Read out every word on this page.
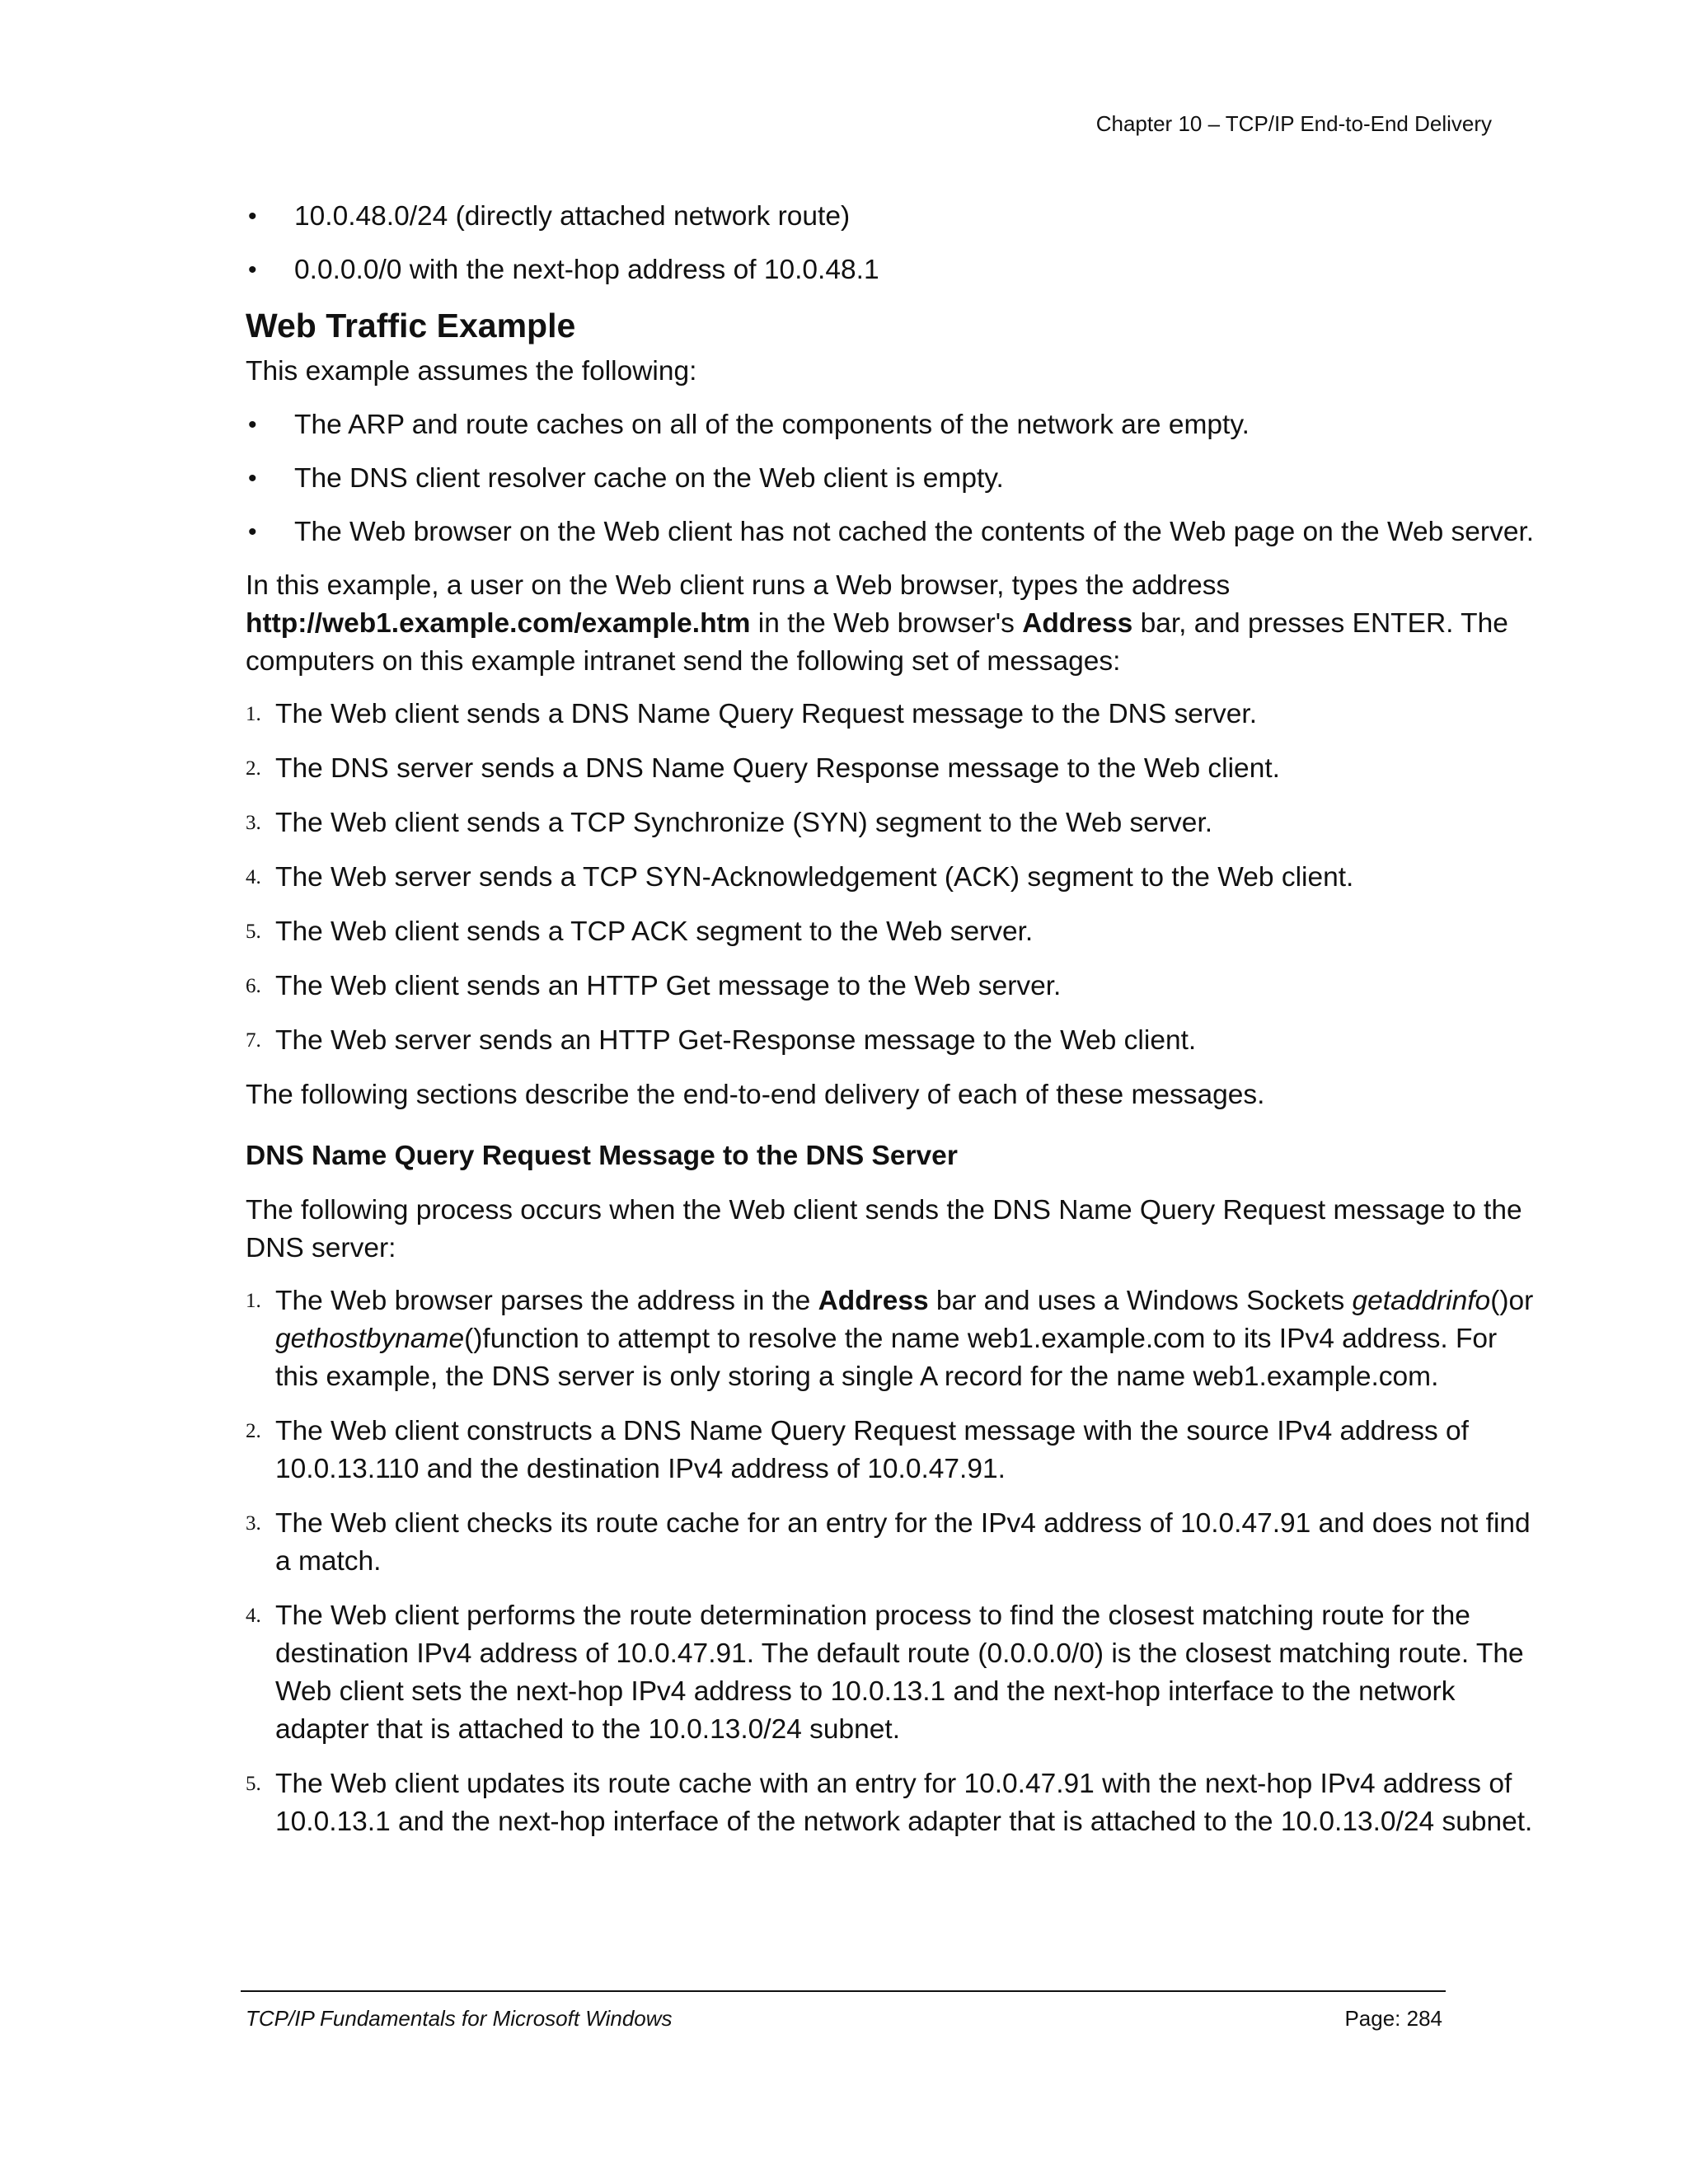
Chapter 10 – TCP/IP End-to-End Delivery
• 10.0.48.0/24 (directly attached network route)
• 0.0.0.0/0 with the next-hop address of 10.0.48.1
Web Traffic Example

This example assumes the following:

• The ARP and route caches on all of the components of the network are empty.
• The DNS client resolver cache on the Web client is empty.
• The Web browser on the Web client has not cached the contents of the Web page on the Web server.

In this example, a user on the Web client runs a Web browser, types the address http://web1.example.com/example.htm in the Web browser's Address bar, and presses ENTER. The computers on this example intranet send the following set of messages:

1. The Web client sends a DNS Name Query Request message to the DNS server.
2. The DNS server sends a DNS Name Query Response message to the Web client.
3. The Web client sends a TCP Synchronize (SYN) segment to the Web server.
4. The Web server sends a TCP SYN-Acknowledgement (ACK) segment to the Web client.
5. The Web client sends a TCP ACK segment to the Web server.
6. The Web client sends an HTTP Get message to the Web server.
7. The Web server sends an HTTP Get-Response message to the Web client.

The following sections describe the end-to-end delivery of each of these messages.

DNS Name Query Request Message to the DNS Server

The following process occurs when the Web client sends the DNS Name Query Request message to the DNS server:

1. The Web browser parses the address in the Address bar and uses a Windows Sockets getaddrinfo()or gethostbyname()function to attempt to resolve the name web1.example.com to its IPv4 address. For this example, the DNS server is only storing a single A record for the name web1.example.com.
2. The Web client constructs a DNS Name Query Request message with the source IPv4 address of 10.0.13.110 and the destination IPv4 address of 10.0.47.91.
3. The Web client checks its route cache for an entry for the IPv4 address of 10.0.47.91 and does not find a match.
4. The Web client performs the route determination process to find the closest matching route for the destination IPv4 address of 10.0.47.91. The default route (0.0.0.0/0) is the closest matching route. The Web client sets the next-hop IPv4 address to 10.0.13.1 and the next-hop interface to the network adapter that is attached to the 10.0.13.0/24 subnet.
5. The Web client updates its route cache with an entry for 10.0.47.91 with the next-hop IPv4 address of 10.0.13.1 and the next-hop interface of the network adapter that is attached to the 10.0.13.0/24 subnet.
TCP/IP Fundamentals for Microsoft Windows	Page: 284
